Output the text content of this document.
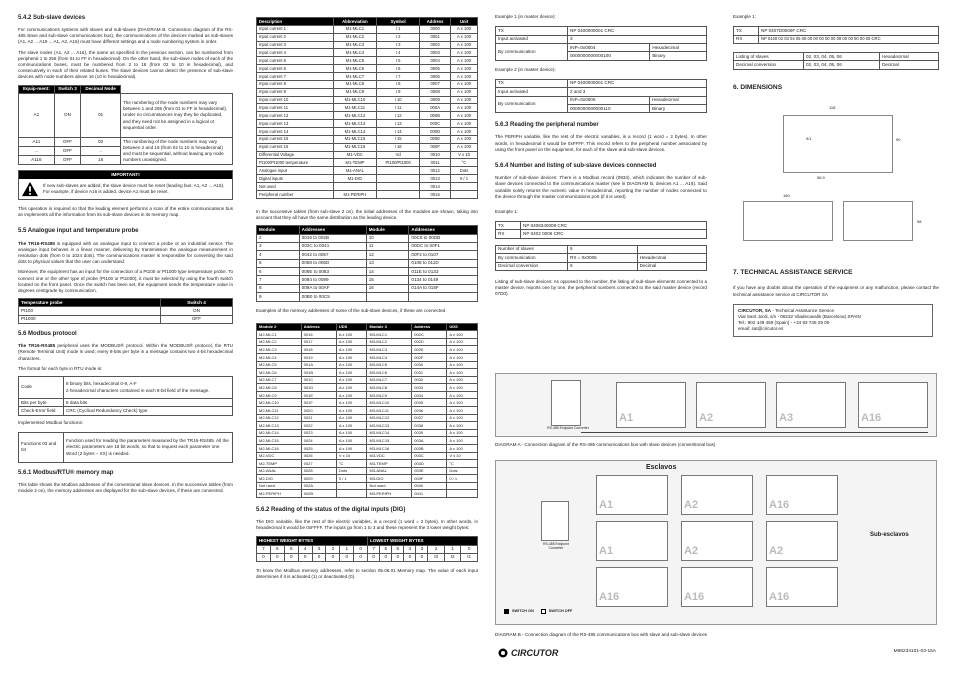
5.4.2 Sub-slave devices

For communications systems with slaves and sub-slaves (DIAGRAM B. Connection diagram of the RS-485 slave and sub-slave communications bus), the communications of the devices marked as sub-slaves (A1, A2 ... A16 ... A1, A2, A16) must have different settings and a node numbering system in order.

The slave nodes (A1, A2 ... A16), the same as specified in the previous section, can be numbered from peripheral 1 to 255 (from 01 to FF in hexadecimal). On the other hand, the sub-slave nodes of each of the communications buses, must be numbered from 2 to 16 (from 02 to 10 in hexadecimal), and consecutively in each of their related buses. The slave devices cannot detect the presence of sub-slave devices with node numbers above 16 (10 in hexadecimal).

Equip-ment:	Switch 3	Decimal Node	
A1	ON	01	The numbering of the node numbers may vary between 1 and 255 (from 01 to FF in hexadecimal). Under no circumstances may they be duplicated, and they need not be assigned in a logical or sequential order.
A11	OFF	02	The numbering of the node numbers may vary between 2 and 16 (from 02 to 10 in hexadecimal) and must be sequential, without leaving any node numbers unassigned.
...	OFF	..	
A116	OFF	16	
IMPORTANT!
If new sub-slaves are added, the slave device must be reset (leading bus: A1, A2 ... A16). For example, if device A16 is added, device A1 must be reset.

This operation is required so that the leading element performs a scan of the entire communications bus an implements all the information from its sub-slave devices in its memory map.

5.5 Analogue input and temperature probe

The TR16-RS485 is equipped with an analogue input to connect a probe or an industrial sensor. The analogue input behaves in a linear manner, delivering by transmission the analogue measurement in resolution dots (from 0 to 1024 dots). The communications master is responsible for converting the said dots to physical values that the user can understand.

Moreover, the equipment has an input for the connection of a Pt100 or Pt1000 type temperature probe. To connect one or the other type of probe (Pt100 or Pt1000), it must be selected by using the fourth switch located on the front panel. Once the switch has been set, the equipment sends the temperature value in degrees centigrade by communication.

Temperature probe	Switch 4
Pt100	ON
Pt1000	OFF
5.6 Modbus protocol

The TR16-RS485 peripheral uses the MODBUS® protocol. Within the MODBUS® protocol, the RTU (Remote Terminal Unit) mode is used; every 8-bits per byte in a message contains two 4-bit hexadecimal characters.

The format for each byte in RTU mode is:

Code	8 binary bits, hexadecimal 0-9, A-F
2 hexadecimal characters contained in each 8-bit field of the message.
Bits per byte	8 data bits
Check-Error field	CRC (Cyclical Redundancy Check) type

Implemented Modbus functions:

Functions 03 and 04	Function used for reading the parameters measured by the TR16-RS485. All the electric parameters are 16 bit words, so that to request each parameter one Word (2 bytes – XX) is needed.
5.6.1 Modbus/RTU® memory map

This table shows the Modbus addresses of the conventional slave devices. In the successive tables (from module 2 on), the memory addresses are displayed for the sub-slave devices, if these are connected.

Description	Abbreviation	Symbol	Address	Unit
Input current 1	M1-MLC1	I 1	0000	A x 100
Input current 2	M1-MLC2	I 2	0001	A x 100
Input current 3	M1-MLC3	I 3	0002	A x 100
Input current 4	M1-MLC4	I 4	0003	A x 100
Input current 5	M1-MLC5	I 5	0004	A x 100
Input current 6	M1-MLC6	I 6	0005	A x 100
Input current 7	M1-MLC7	I 7	0006	A x 100
Input current 8	M1-MLC8	I 8	0007	A x 100
Input current 9	M1-MLC9	I 9	0008	A x 100
Input current 10	M1-MLC10	I 10	0009	A x 100
Input current 11	M1-MLC11	I 11	000A	A x 100
Input current 12	M1-MLC12	I 12	000B	A x 100
Input current 13	M1-MLC13	I 13	000C	A x 100
Input current 14	M1-MLC14	I 14	000D	A x 100
Input current 15	M1-MLC15	I 15	000E	A x 100
Input current 16	M1-MLC16	I 16	000F	A x 100
Differential Voltage	M1-VDC	Vd	0010	V x 10
Pt100/Pt1000 temperature	M1-TEMP	Pt100/Pt1000	0011	°C
Analogue input	M1-ANAL		0012	Dots
Digital inputs	M1-DIG		0013	0 / 1
Not used			0014	
Peripheral number	M1-PERIPH		0015	

In the successive tables (from sub-slave 2 on), the initial addresses of the modules are shown, taking into account that they all have the same distribution as the leading device.

Module	Addresses	Module	Addresses
2	0016 to 002B	10	00C6 to 00DB
3	002C to 0041	11	00DC to 00F1
4	0042 to 0057	12	00F2 to 0107
5	0058 to 006D	13	0108 to 011D
6	006E to 0083	14	011E to 0133
7	0084 to 0099	15	0134 to 0149
8	009A to 00AF	16	014A to 015F
9	00B0 to 00C5		

Examples of the memory addresses of some of the sub-slave devices, if these are connected.

Module 2	Address	UDS	Module 3	Address	UDS
M2-MLC1	0016	A x 100	M3-MLC1	002C	A x 100
M2-MLC2	0017	A x 100	M3-MLC2	002D	A x 100
M2-MLC3	0018	A x 100	M3-MLC3	002E	A x 100
M2-MLC4	0019	A x 100	M3-MLC4	002F	A x 100
M2-MLC5	001A	A x 100	M3-MLC5	0030	A x 100
M2-MLC6	001B	A x 100	M3-MLC6	0031	A x 100
M2-MLC7	001C	A x 100	M3-MLC7	0032	A x 100
M2-MLC8	001D	A x 100	M3-MLC8	0033	A x 100
M2-MLC9	001E	A x 100	M3-MLC9	0034	A x 100
M2-MLC10	001F	A x 100	M3-MLC10	0035	A x 100
M2-MLC11	0020	A x 100	M3-MLC11	0036	A x 100
M2-MLC12	0021	A x 100	M3-MLC12	0037	A x 100
M2-MLC13	0022	A x 100	M3-MLC13	0038	A x 100
M2-MLC14	0023	A x 100	M3-MLC14	0039	A x 100
M2-MLC15	0024	A x 100	M3-MLC15	003A	A x 100
M2-MLC16	0025	A x 100	M3-MLC16	003B	A x 100
M2-VDC	0026	V x 10	M3-VDC	003C	V x 10
M2-TEMP	0027	°C	M3-TEMP	003D	°C
M2-ANAL	0028	Dots	M3-ANAL	003E	Dots
M2-DIG	0029	0 / 1	M3-DIG	003F	0 / 1
Not used	002A		Not used	0040	
M2-PERIPH	002B		M3-PERIPH	0041	
5.6.2 Reading of the status of the digital inputs (DIG)

The DIG variable, like the rest of the electric variables, is a record (1 word = 2 bytes). In other words, in hexadecimal it would be 0xFFFF. The inputs go from 1 to 3 and these represent the 3 lower weight bytes:

HIGHEST WEIGHT BYTES								LOWEST WEIGHT BYTES							
7	6	5	4	3	2	1	0	7	6	5	4	3	2	1	0
0	0	0	0	0	0	0	0	0	0	0	0	0	I3	I2	I1

To know the Modbus memory addresses, refer to section 05.06.01 Memory map. The value of each input determines if it is activated (1) or deactivated (0).

Example 1 (in master device):

TX	NP 0400000001 CRC	
Input activated	3	
By communication	INP=0x0004	Hexadecimal
	0000000000000100	Binary

Example 2 (in master device):

TX	NP 0400000001 CRC	
Input activated	2 and 3	
By communication	INP=0x0006	Hexadecimal
	0000000000000110	Binary
5.6.3 Reading the peripheral number

The PERIPH variable, like the rest of the electric variables, is a record (1 word = 2 bytes). In other words, in hexadecimal it would be 0xFFFF. This record refers to the peripheral number associated by using the front panel on the equipment, for each of the slave and sub-slave devices.

5.6.4 Number and listing of sub-slave devices connected

Number of sub-slave devices: There is a Modbus record (0834), which indicates the number of sub-slave devices connected to the communications master (see in DIAGRAM B, devices A1 ... A16). Said variable solely returns the numeric value in hexadecimal, reporting the number of nodes connected to the device through the master communications port (if it is used).

Example 1:

TX	NP 0408340008 CRC
RX	NP 0402 0006 CRC
Number of slaves	6	
By communication	RX = 0x0006	Hexadecimal
Decimal conversion	6	Decimal

Listing of sub-slave devices: As opposed to the number, the listing of sub-slave elements connected to a master device, reports one by one, the peripheral numbers connected to the said master device (record 07D0).

RS-485 Endpoint Converter
A1	A2	A3	A16
DIAGRAM A - Connection diagram of the RS-485 communications bus with slave devices (conventional bus)
Esclavos
Sub-esclavos
RS-485 Endpoint Converter
A1	A2	A16
A1	A2	A2
A16	A16	A16
SWITCH ON	SWITCH OFF
DIAGRAM B.- Connection diagram of the RS-485 communications bus with slave and sub-slave devices

Example 1:

TX	NP 0407D0000F CRC
RX	NP 0420 02 03 04 05 06 00 00 00 00 00 00 00 00 00 00 00 CRC
Listing of slaves	02, 03, 04, 05, 06	Hexadecimal
Decimal conversion	02, 03, 04, 05, 06	Decimal
6. DIMENSIONS
9/1
118
90
56.9
160
58
7. TECHNICAL ASSISTANCE SERVICE

If you have any doubts about the operation of the equipment or any malfunction, please contact the technical assistance service at CIRCUTOR SA

CIRCUTOR, SA - Technical Assistance Service
Vial Sant Jordi, s/n - 08232 Viladecavalls (Barcelona) SPAIN
Tel.: 902 449 459 (Spain) - +34 93 745 29 00
email: sat@circutor.es
CIRCUTOR	M98234101-03-15A
